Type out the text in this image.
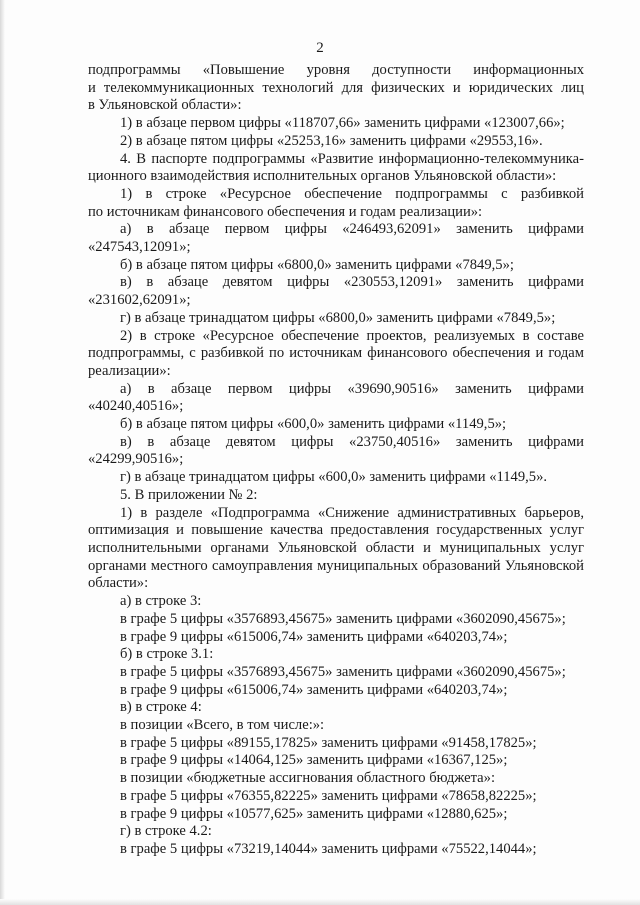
2

подпрограммы «Повышение уровня доступности информационных

и телекоммуникационных технологий для физических и юридических лиц

в Ульяновской области»:

1) в абзаце первом цифры «118707,66» заменить цифрами «123007,66»;

2) в абзаце пятом цифры «25253,16» заменить цифрами «29553,16».

4. В паспорте подпрограммы «Развитие информационно-телекоммуника-

ционного взаимодействия исполнительных органов Ульяновской области»:

1) в строке «Ресурсное обеспечение подпрограммы с разбивкой

по источникам финансового обеспечения и годам реализации»:

а) в абзаце первом цифры «246493,62091» заменить цифрами

«247543,12091»;

б) в абзаце пятом цифры «6800,0» заменить цифрами «7849,5»;

в) в абзаце девятом цифры «230553,12091» заменить цифрами

«231602,62091»;

г) в абзаце тринадцатом цифры «6800,0» заменить цифрами «7849,5»;

2) в строке «Ресурсное обеспечение проектов, реализуемых в составе

подпрограммы, с разбивкой по источникам финансового обеспечения и годам

реализации»:

а) в абзаце первом цифры «39690,90516» заменить цифрами

«40240,40516»;

б) в абзаце пятом цифры «600,0» заменить цифрами «1149,5»;

в) в абзаце девятом цифры «23750,40516» заменить цифрами

«24299,90516»;

г) в абзаце тринадцатом цифры «600,0» заменить цифрами «1149,5».

5. В приложении № 2:

1) в разделе «Подпрограмма «Снижение административных барьеров,

оптимизация и повышение качества предоставления государственных услуг

исполнительными органами Ульяновской области и муниципальных услуг

органами местного самоуправления муниципальных образований Ульяновской

области»:

а) в строке 3:

в графе 5 цифры «3576893,45675» заменить цифрами «3602090,45675»;

в графе 9 цифры «615006,74» заменить цифрами «640203,74»;

б) в строке 3.1:

в графе 5 цифры «3576893,45675» заменить цифрами «3602090,45675»;

в графе 9 цифры «615006,74» заменить цифрами «640203,74»;

в) в строке 4:

в позиции «Всего, в том числе:»:

в графе 5 цифры «89155,17825» заменить цифрами «91458,17825»;

в графе 9 цифры «14064,125» заменить цифрами «16367,125»;

в позиции «бюджетные ассигнования областного бюджета»:

в графе 5 цифры «76355,82225» заменить цифрами «78658,82225»;

в графе 9 цифры «10577,625» заменить цифрами «12880,625»;

г) в строке 4.2:

в графе 5 цифры «73219,14044» заменить цифрами «75522,14044»;
